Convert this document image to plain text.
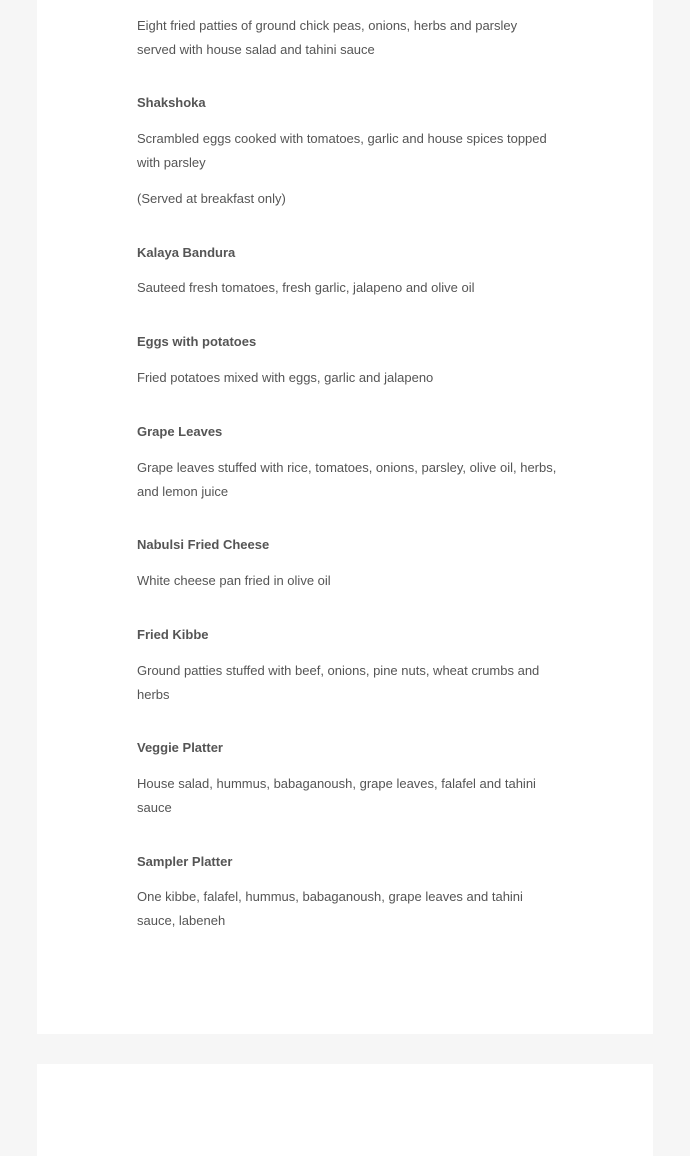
Eight fried patties of ground chick peas, onions, herbs and parsley served with house salad and tahini sauce

Shakshoka

Scrambled eggs cooked with tomatoes, garlic and house spices topped with parsley

(Served at breakfast only)

Kalaya Bandura

Sauteed fresh tomatoes, fresh garlic, jalapeno and olive oil

Eggs with potatoes

Fried potatoes mixed with eggs, garlic and jalapeno

Grape Leaves

Grape leaves stuffed with rice, tomatoes, onions, parsley, olive oil, herbs, and lemon juice

Nabulsi Fried Cheese

White cheese pan fried in olive oil

Fried Kibbe

Ground patties stuffed with beef, onions, pine nuts, wheat crumbs and herbs

Veggie Platter

House salad, hummus, babaganoush, grape leaves, falafel and tahini sauce

Sampler Platter

One kibbe, falafel, hummus, babaganoush, grape leaves and tahini sauce, labeneh
